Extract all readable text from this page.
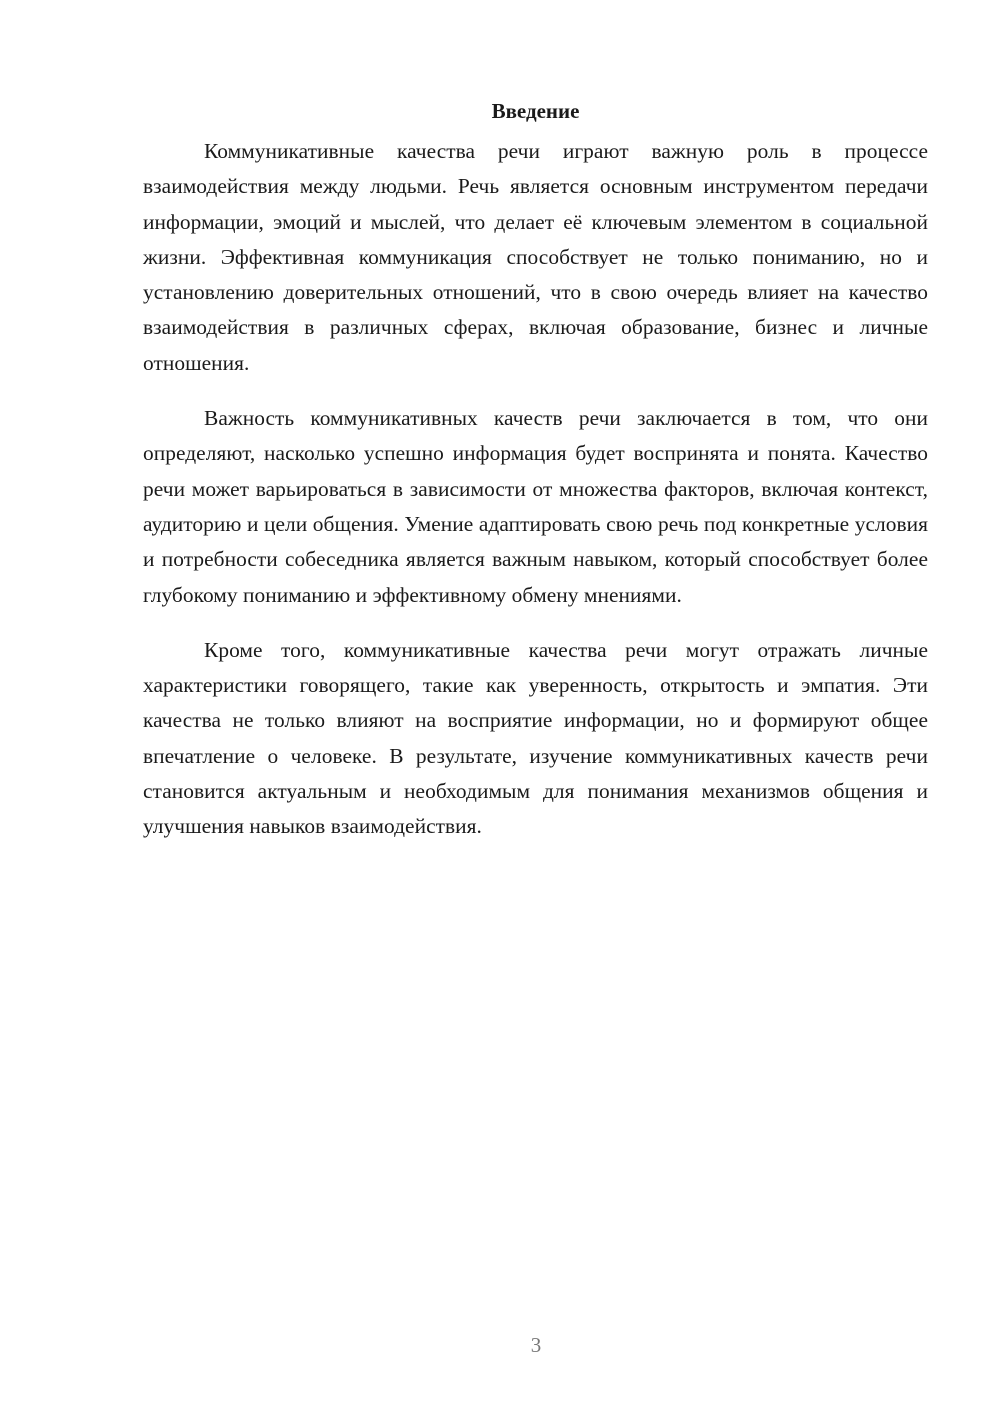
Введение

Коммуникативные качества речи играют важную роль в процессе взаимодействия между людьми. Речь является основным инструментом передачи информации, эмоций и мыслей, что делает её ключевым элементом в социальной жизни. Эффективная коммуникация способствует не только пониманию, но и установлению доверительных отношений, что в свою очередь влияет на качество взаимодействия в различных сферах, включая образование, бизнес и личные отношения.

Важность коммуникативных качеств речи заключается в том, что они определяют, насколько успешно информация будет воспринята и понята. Качество речи может варьироваться в зависимости от множества факторов, включая контекст, аудиторию и цели общения. Умение адаптировать свою речь под конкретные условия и потребности собеседника является важным навыком, который способствует более глубокому пониманию и эффективному обмену мнениями.

Кроме того, коммуникативные качества речи могут отражать личные характеристики говорящего, такие как уверенность, открытость и эмпатия. Эти качества не только влияют на восприятие информации, но и формируют общее впечатление о человеке. В результате, изучение коммуникативных качеств речи становится актуальным и необходимым для понимания механизмов общения и улучшения навыков взаимодействия.

3
